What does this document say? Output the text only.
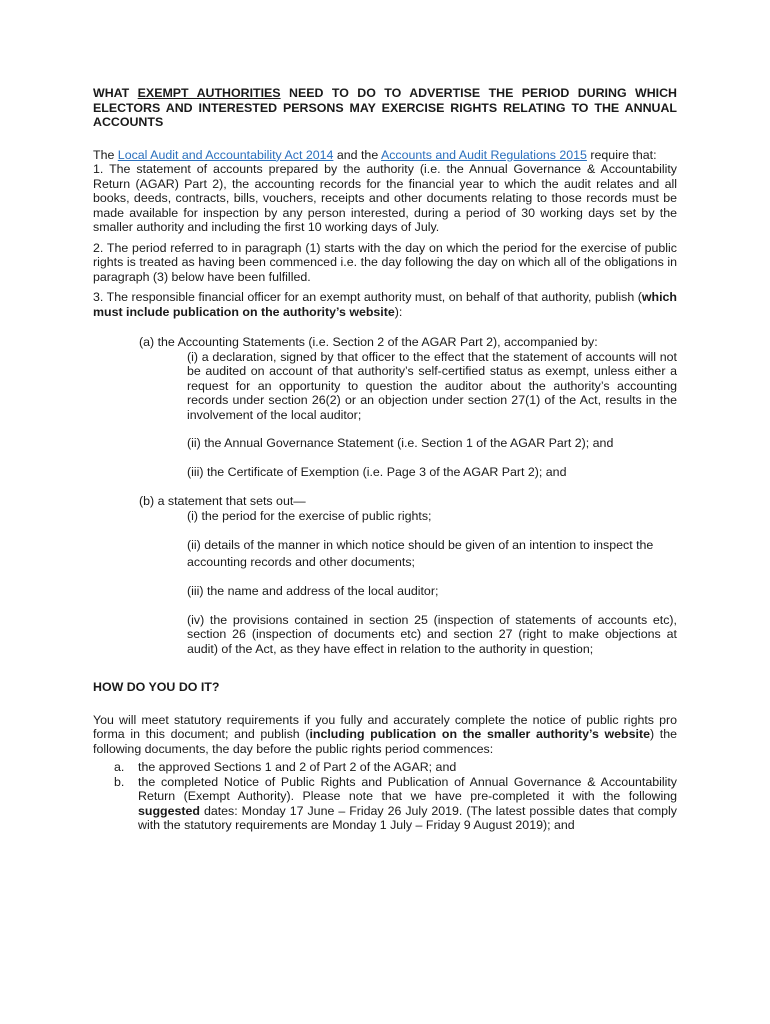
WHAT EXEMPT AUTHORITIES NEED TO DO TO ADVERTISE THE PERIOD DURING WHICH ELECTORS AND INTERESTED PERSONS MAY EXERCISE RIGHTS RELATING TO THE ANNUAL ACCOUNTS

The Local Audit and Accountability Act 2014 and the Accounts and Audit Regulations 2015 require that:

1. The statement of accounts prepared by the authority (i.e. the Annual Governance & Accountability Return (AGAR) Part 2), the accounting records for the financial year to which the audit relates and all books, deeds, contracts, bills, vouchers, receipts and other documents relating to those records must be made available for inspection by any person interested, during a period of 30 working days set by the smaller authority and including the first 10 working days of July.

2. The period referred to in paragraph (1) starts with the day on which the period for the exercise of public rights is treated as having been commenced i.e. the day following the day on which all of the obligations in paragraph (3) below have been fulfilled.

3. The responsible financial officer for an exempt authority must, on behalf of that authority, publish (which must include publication on the authority’s website):

(a) the Accounting Statements (i.e. Section 2 of the AGAR Part 2), accompanied by:

(i) a declaration, signed by that officer to the effect that the statement of accounts will not be audited on account of that authority’s self-certified status as exempt, unless either a request for an opportunity to question the auditor about the authority’s accounting records under section 26(2) or an objection under section 27(1) of the Act, results in the involvement of the local auditor;

(ii) the Annual Governance Statement (i.e. Section 1 of the AGAR Part 2); and

(iii) the Certificate of Exemption (i.e. Page 3 of the AGAR Part 2); and

(b) a statement that sets out—

(i) the period for the exercise of public rights;

(ii) details of the manner in which notice should be given of an intention to inspect the accounting records and other documents;

(iii) the name and address of the local auditor;

(iv) the provisions contained in section 25 (inspection of statements of accounts etc), section 26 (inspection of documents etc) and section 27 (right to make objections at audit) of the Act, as they have effect in relation to the authority in question;

HOW DO YOU DO IT?

You will meet statutory requirements if you fully and accurately complete the notice of public rights pro forma in this document; and publish (including publication on the smaller authority’s website) the following documents, the day before the public rights period commences:

a. the approved Sections 1 and 2 of Part 2 of the AGAR; and
b. the completed Notice of Public Rights and Publication of Annual Governance & Accountability Return (Exempt Authority). Please note that we have pre-completed it with the following suggested dates: Monday 17 June – Friday 26 July 2019. (The latest possible dates that comply with the statutory requirements are Monday 1 July – Friday 9 August 2019); and
